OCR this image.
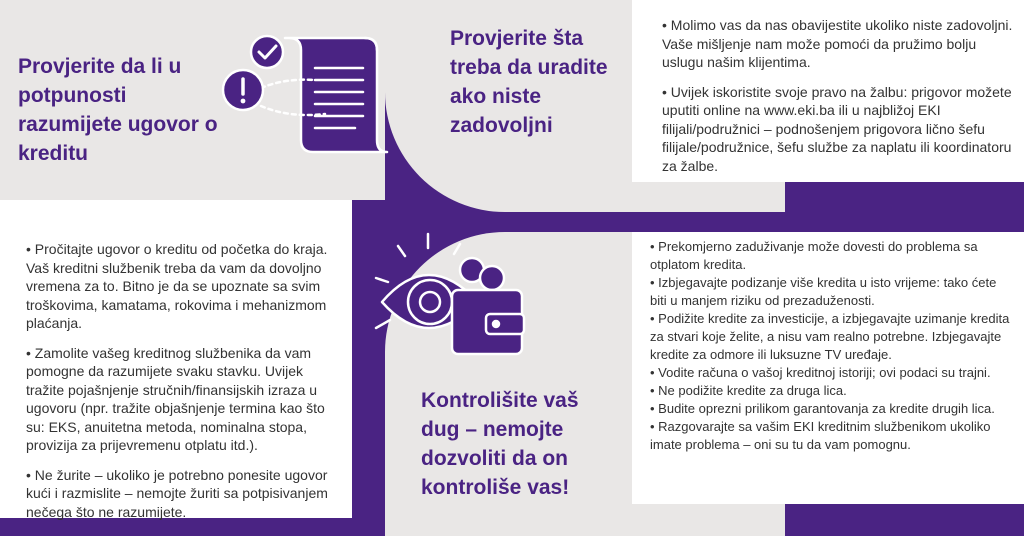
Provjerite da li u potpunosti razumijete ugovor o kreditu
Provjerite šta treba da uradite ako niste zadovoljni
Kontrolišite vaš dug – nemojte dozvoliti da on kontroliše vas!

• Molimo vas da nas obavijestite ukoliko niste zadovoljni. Vaše mišljenje nam može pomoći da pružimo bolju uslugu našim klijentima.

• Uvijek iskoristite svoje pravo na žalbu: prigovor možete uputiti online na www.eki.ba ili u najbližoj EKI filijali/podružnici – podnošenjem prigovora lično šefu filijale/podružnice, šefu službe za naplatu ili koordinatoru za žalbe.

• Pročitajte ugovor o kreditu od početka do kraja. Vaš kreditni službenik treba da vam da dovoljno vremena za to. Bitno je da se upoznate sa svim troškovima, kamatama, rokovima i mehanizmom plaćanja.

• Zamolite vašeg kreditnog službenika da vam pomogne da razumijete svaku stavku. Uvijek tražite pojašnjenje stručnih/finansijskih izraza u ugovoru (npr. tražite objašnjenje termina kao što su: EKS, anuitetna metoda, nominalna stopa, provizija za prijevremenu otplatu itd.).

• Ne žurite – ukoliko je potrebno ponesite ugovor kući i razmislite – nemojte žuriti sa potpisivanjem nečega što ne razumijete.

• Prekomjerno zaduživanje može dovesti do problema sa otplatom kredita.

• Izbjegavajte podizanje više kredita u isto vrijeme: tako ćete biti u manjem riziku od prezaduženosti.

• Podižite kredite za investicije, a izbjegavajte uzimanje kredita za stvari koje želite, a nisu vam realno potrebne. Izbjegavajte kredite za odmore ili luksuzne TV uređaje.

• Vodite računa o vašoj kreditnoj istoriji; ovi podaci su trajni.

• Ne podižite kredite za druga lica.

• Budite oprezni prilikom garantovanja za kredite drugih lica.

• Razgovarajte sa vašim EKI kreditnim službenikom ukoliko imate problema – oni su tu da vam pomognu.
